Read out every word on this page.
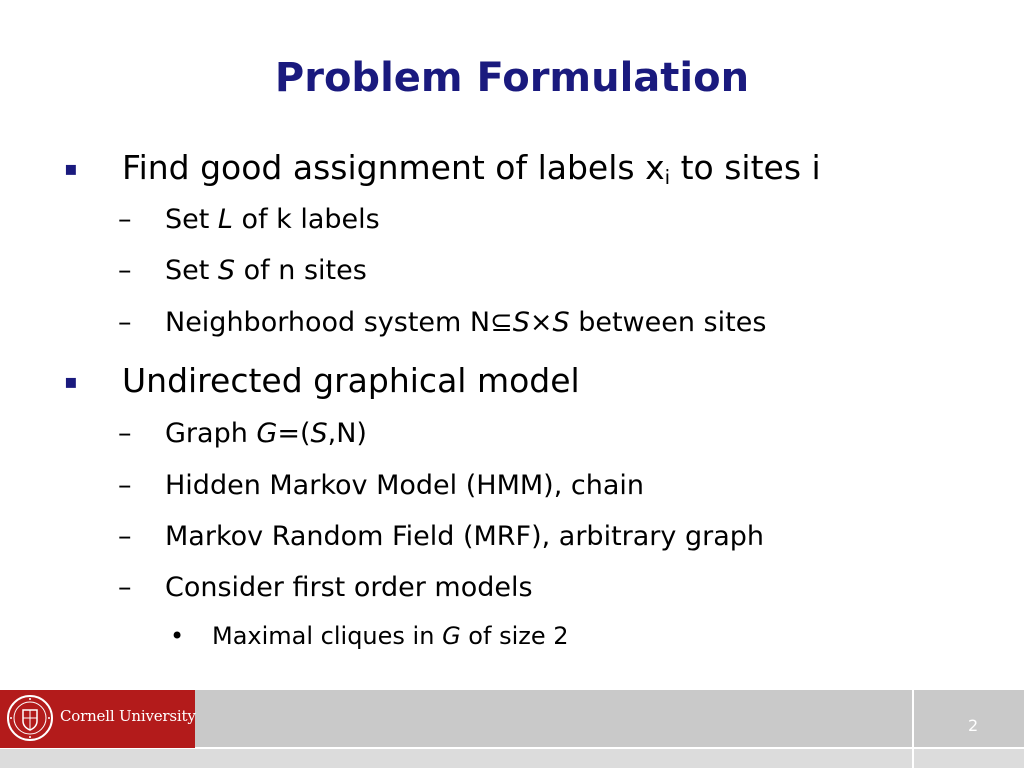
Problem Formulation
▪ Find good assignment of labels $x_i$ to sites i
– Set L of k labels
– Set S of n sites
– Neighborhood system N⊆S×S between sites
▪ Undirected graphical model
– Graph G=(S,N)
– Hidden Markov Model (HMM), chain
– Markov Random Field (MRF), arbitrary graph
– Consider first order models
• Maximal cliques in G of size 2
Cornell University	2
